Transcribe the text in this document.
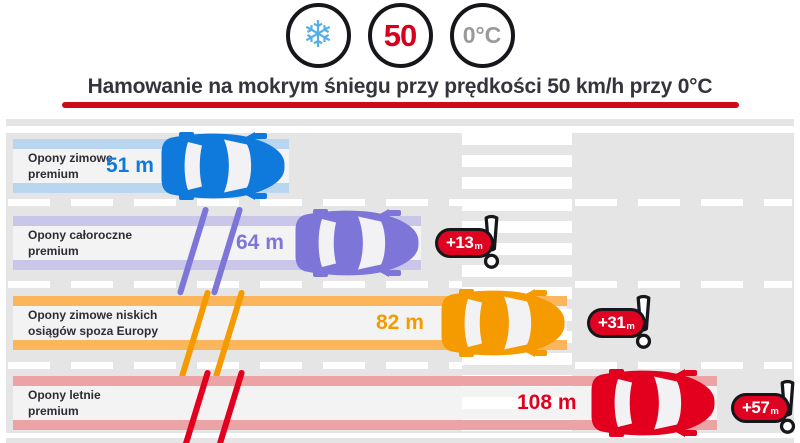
❄ 50 0°C
Hamowanie na mokrym śniegu przy prędkości 50 km/h przy 0°C
Opony zimowe
premium	51 m
Opony całoroczne
premium	64 m	+13 m
Opony zimowe niskich
osiągów spoza Europy	82 m	+31 m
Opony letnie
premium	108 m	+57 m
